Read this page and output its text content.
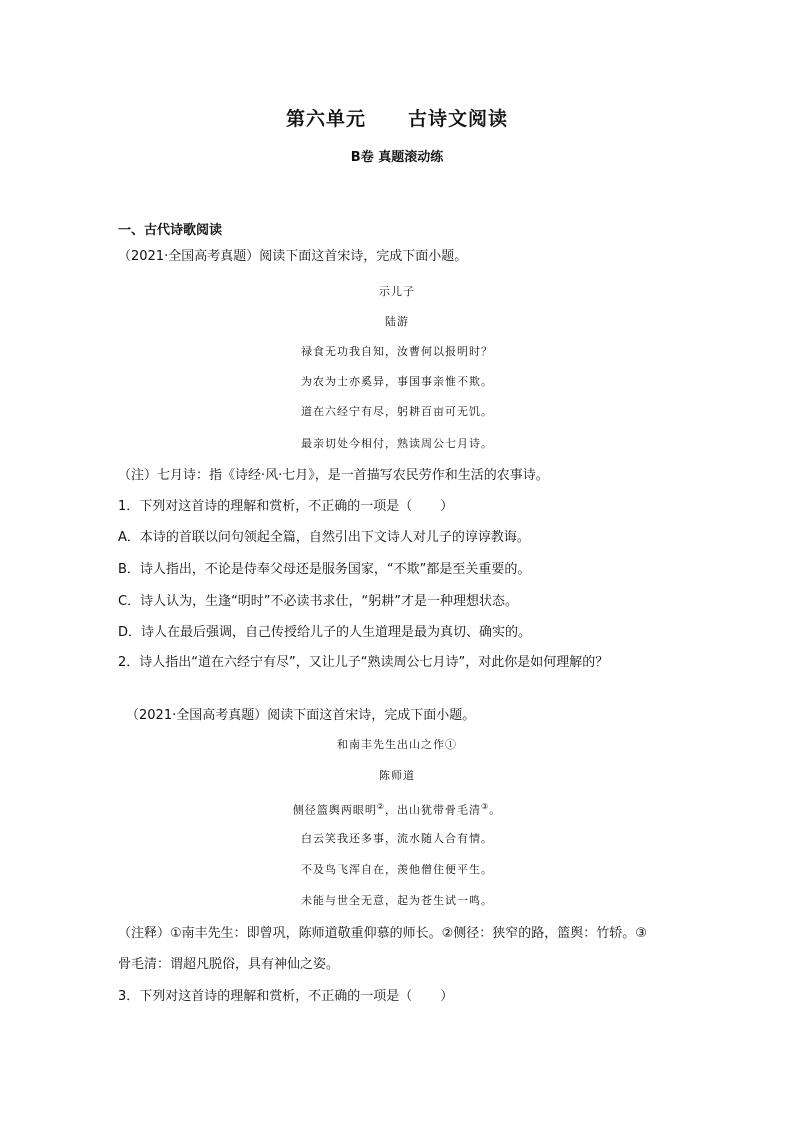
第六单元 古诗文阅读
B卷 真题滚动练
一、古代诗歌阅读
（2021·全国高考真题）阅读下面这首宋诗，完成下面小题。
示儿子
陆游
禄食无功我自知，汝曹何以报明时？
为农为士亦奚异，事国事亲惟不欺。
道在六经宁有尽，躬耕百亩可无饥。
最亲切处今相付，熟读周公七月诗。
（注）七月诗：指《诗经·风·七月》，是一首描写农民劳作和生活的农事诗。
1．下列对这首诗的理解和赏析，不正确的一项是（ ）
A．本诗的首联以问句领起全篇，自然引出下文诗人对儿子的谆谆教诲。
B．诗人指出，不论是侍奉父母还是服务国家，“不欺”都是至关重要的。
C．诗人认为，生逢“明时”不必读书求仕，“躬耕”才是一种理想状态。
D．诗人在最后强调，自己传授给儿子的人生道理是最为真切、确实的。
2．诗人指出“道在六经宁有尽”，又让儿子“熟读周公七月诗”，对此你是如何理解的？
（2021·全国高考真题）阅读下面这首宋诗，完成下面小题。
和南丰先生出山之作①
陈师道
侧径篮舆两眼明②，出山犹带骨毛清③。
白云笑我还多事，流水随人合有情。
不及鸟飞浑自在，羡他僧住便平生。
未能与世全无意，起为苍生试一鸣。
（注释）①南丰先生：即曾巩，陈师道敬重仰慕的师长。②侧径：狭窄的路，篮舆：竹轿。③
骨毛清：谓超凡脱俗，具有神仙之姿。
3．下列对这首诗的理解和赏析，不正确的一项是（ ）
